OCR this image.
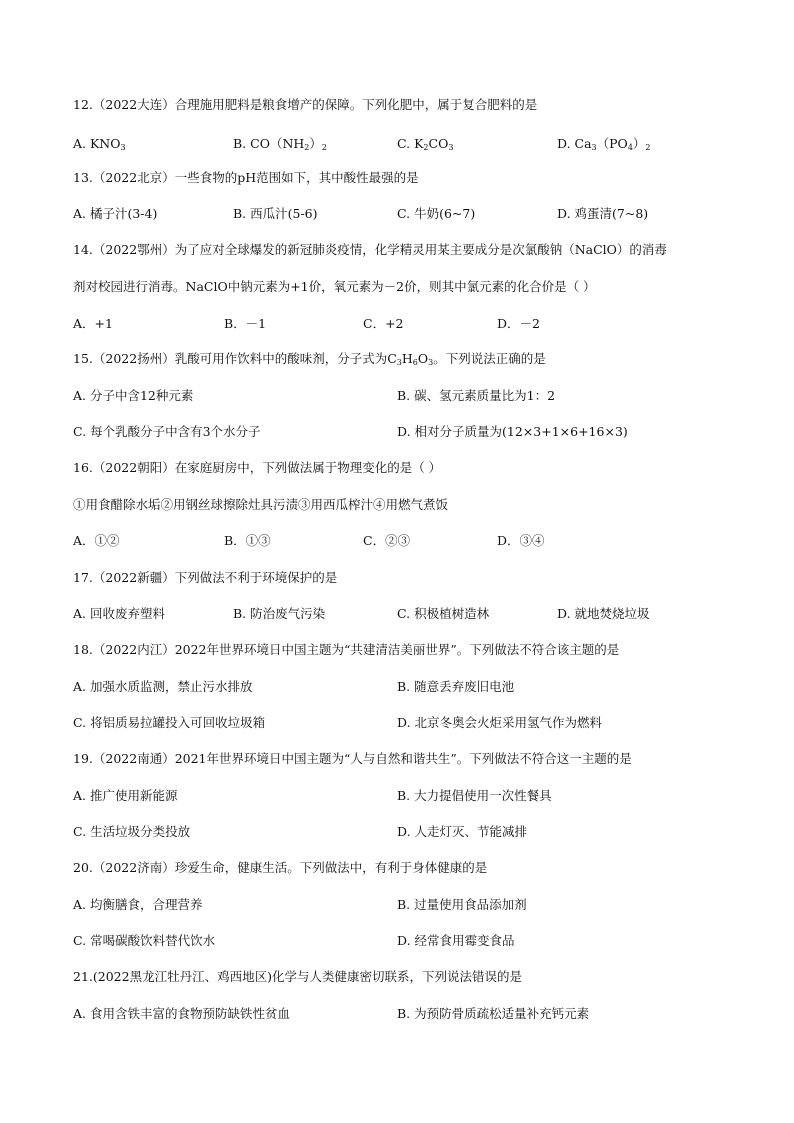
12.（2022大连）合理施用肥料是粮食增产的保障。下列化肥中，属于复合肥料的是
A. $KNO_3$	B. $CO(NH_2)_2$	C. $K_2CO_3$	D. $Ca_3(PO_4)_2$
13.（2022北京）一些食物的pH范围如下，其中酸性最强的是
A. 橘子汁(3-4)	B. 西瓜汁(5-6)	C. 牛奶(6~7)	D. 鸡蛋清(7~8)
14.（2022鄂州）为了应对全球爆发的新冠肺炎疫情，化学精灵用某主要成分是次氯酸钠（NaClO）的消毒
剂对校园进行消毒。NaClO中钠元素为+1价，氧元素为－2价，则其中氯元素的化合价是（ ）
A．+1	B．－1	C．+2	D．－2
15.（2022扬州）乳酸可用作饮料中的酸味剂，分子式为$C_3H_6O_3$。下列说法正确的是
A. 分子中含12种元素	B. 碳、氢元素质量比为1：2
C. 每个乳酸分子中含有3个水分子	D. 相对分子质量为(12×3+1×6+16×3)
16.（2022朝阳）在家庭厨房中，下列做法属于物理变化的是（ ）
①用食醋除水垢②用钢丝球擦除灶具污渍③用西瓜榨汁④用燃气煮饭
A．①②	B．①③	C．②③	D．③④
17.（2022新疆）下列做法不利于环境保护的是
A. 回收废弃塑料	B. 防治废气污染	C. 积极植树造林	D. 就地焚烧垃圾
18.（2022内江）2022年世界环境日中国主题为“共建清洁美丽世界”。下列做法不符合该主题的是
A. 加强水质监测，禁止污水排放	B. 随意丢弃废旧电池
C. 将铝质易拉罐投入可回收垃圾箱	D. 北京冬奥会火炬采用氢气作为燃料
19.（2022南通）2021年世界环境日中国主题为“人与自然和谐共生”。下列做法不符合这一主题的是
A. 推广使用新能源	B. 大力提倡使用一次性餐具
C. 生活垃圾分类投放	D. 人走灯灭、节能减排
20.（2022济南）珍爱生命，健康生活。下列做法中，有利于身体健康的是
A. 均衡膳食，合理营养	B. 过量使用食品添加剂
C. 常喝碳酸饮料替代饮水	D. 经常食用霉变食品
21.(2022黑龙江牡丹江、鸡西地区)化学与人类健康密切联系，下列说法错误的是
A. 食用含铁丰富的食物预防缺铁性贫血	B. 为预防骨质疏松适量补充钙元素
